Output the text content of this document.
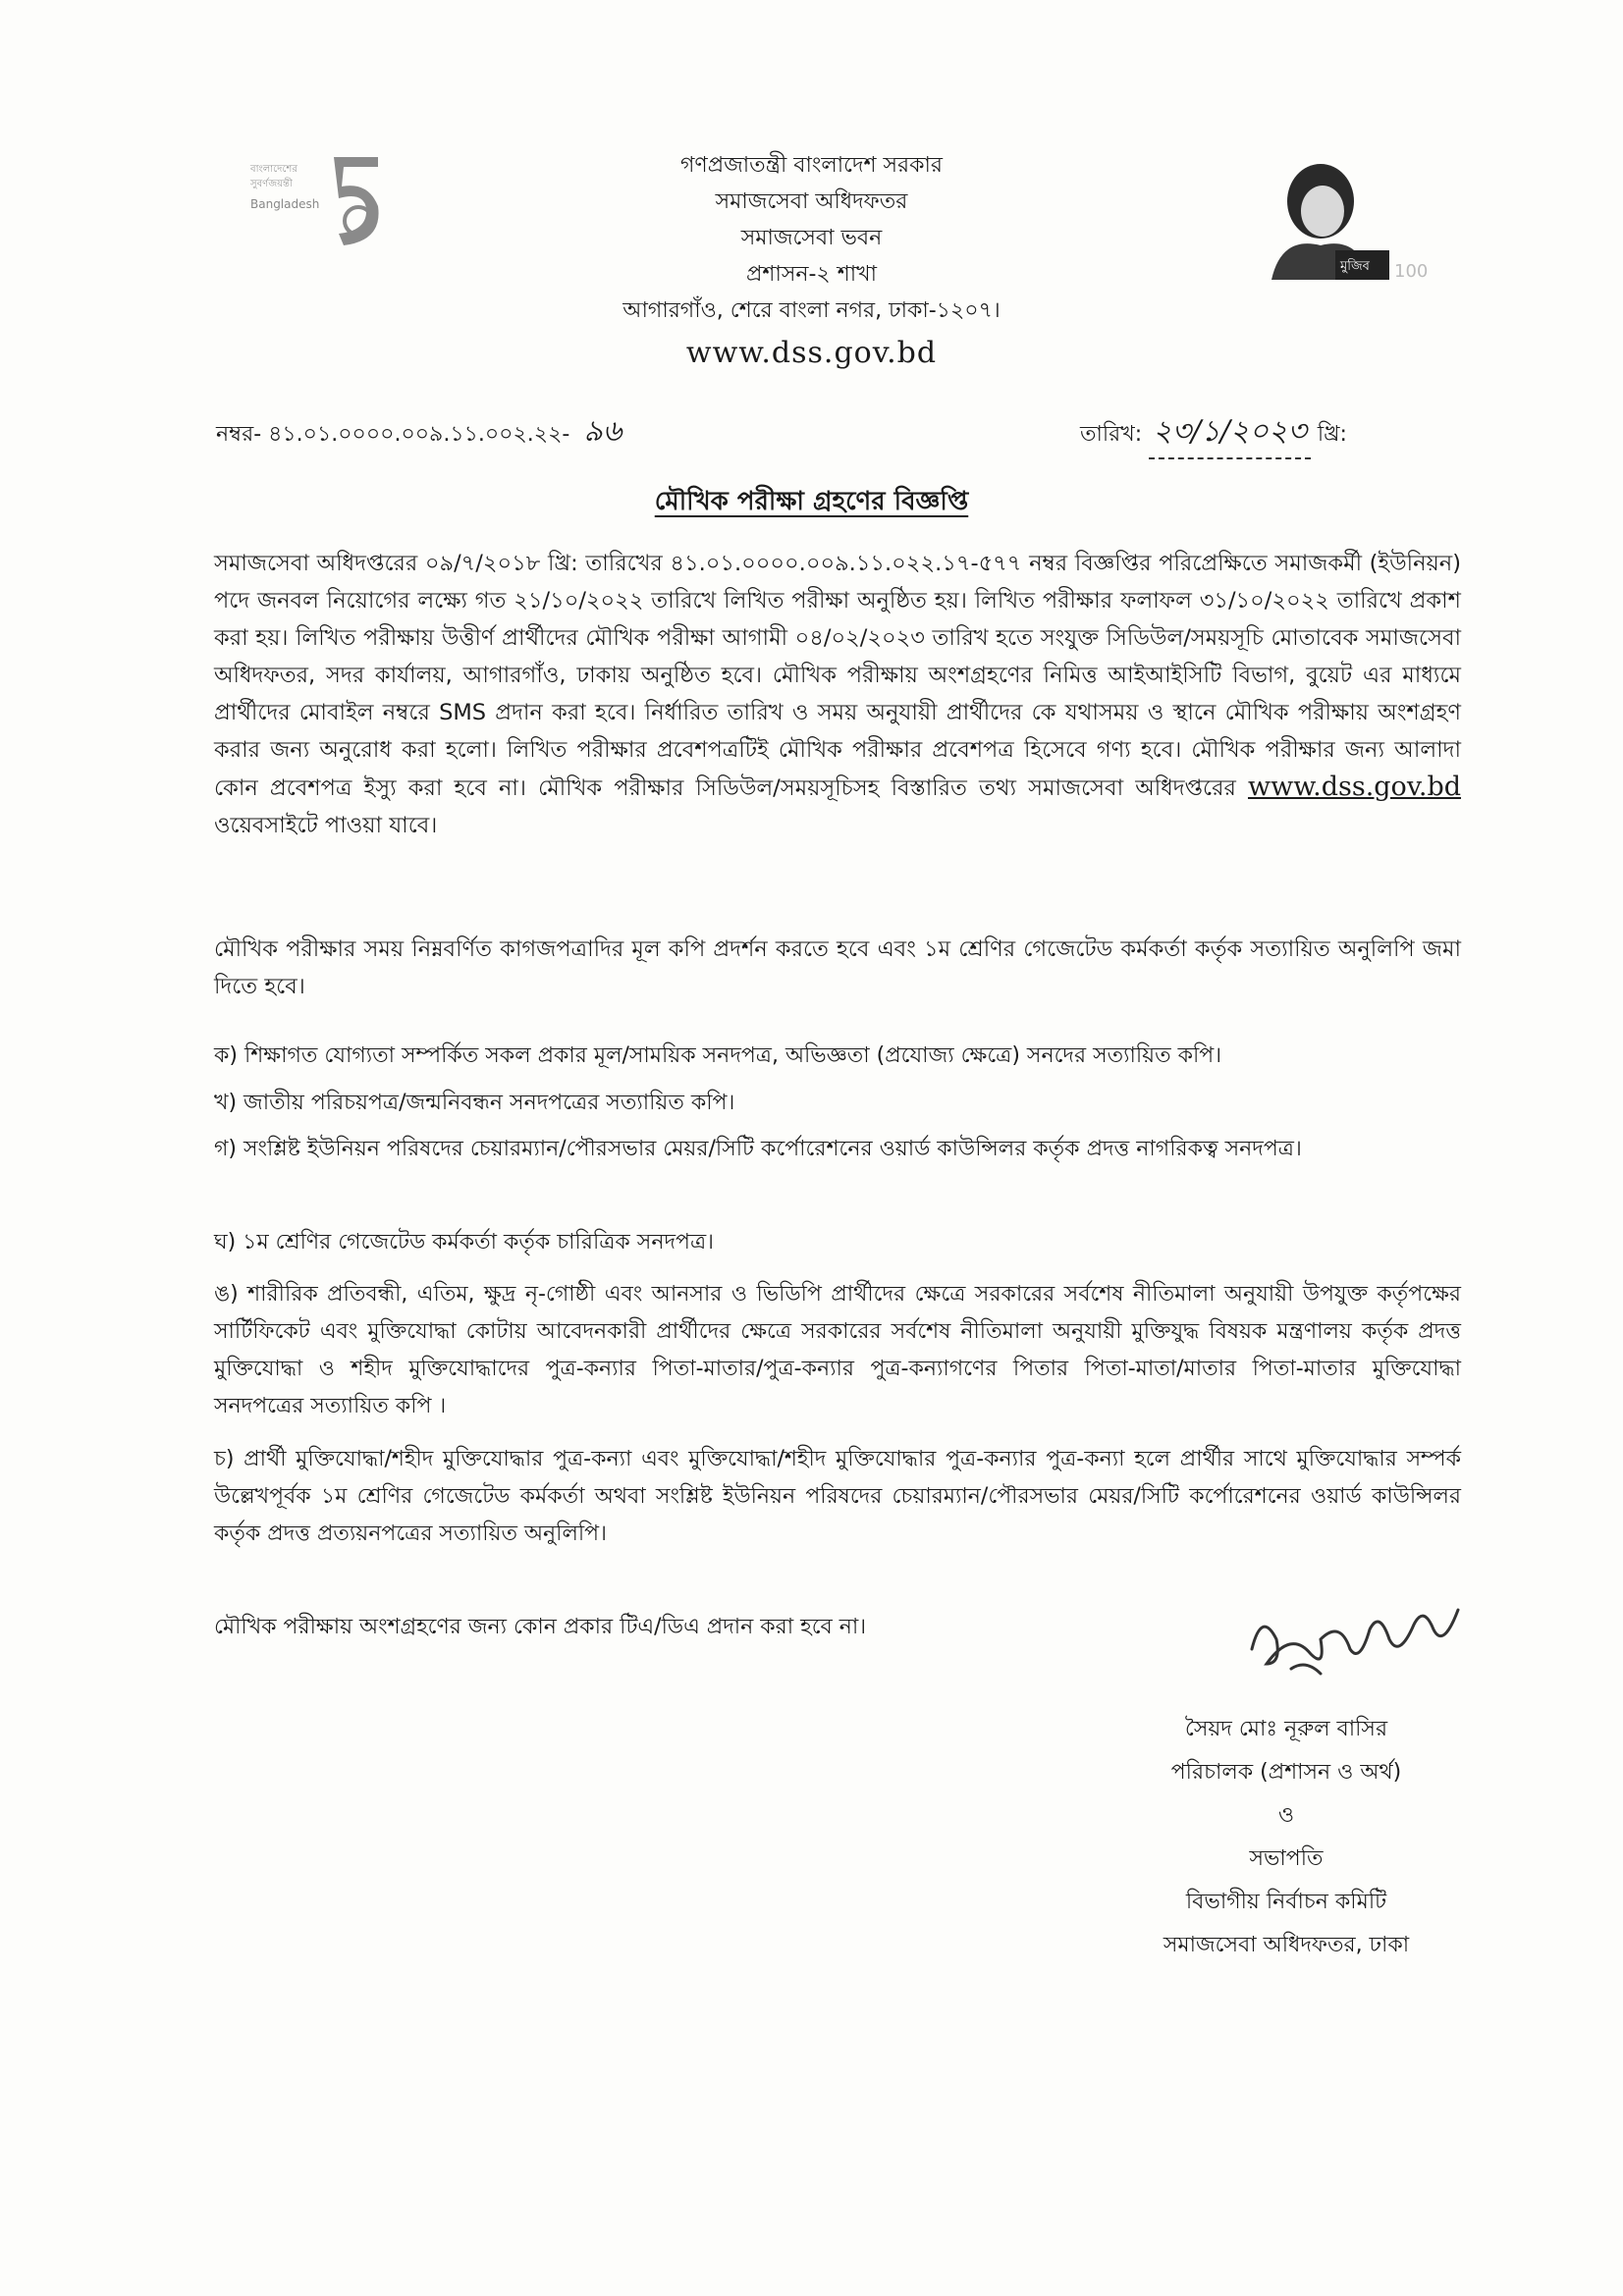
বাংলাদেশের
সুবর্ণজয়ন্তী
Bangladesh
গণপ্রজাতন্ত্রী বাংলাদেশ সরকার
সমাজসেবা অধিদফতর
সমাজসেবা ভবন
প্রশাসন-২ শাখা
আগারগাঁও, শেরে বাংলা নগর, ঢাকা-১২০৭।
www.dss.gov.bd
মুজিব 100
নম্বর- ৪১.০১.০০০০.০০৯.১১.০০২.২২- ৯৬	তারিখ: ২৩/১/২০২৩ খ্রি:
মৌখিক পরীক্ষা গ্রহণের বিজ্ঞপ্তি
সমাজসেবা অধিদপ্তরের ০৯/৭/২০১৮ খ্রি: তারিখের ৪১.০১.০০০০.০০৯.১১.০২২.১৭-৫৭৭ নম্বর বিজ্ঞপ্তির পরিপ্রেক্ষিতে সমাজকর্মী (ইউনিয়ন) পদে জনবল নিয়োগের লক্ষ্যে গত ২১/১০/২০২২ তারিখে লিখিত পরীক্ষা অনুষ্ঠিত হয়। লিখিত পরীক্ষার ফলাফল ৩১/১০/২০২২ তারিখে প্রকাশ করা হয়। লিখিত পরীক্ষায় উত্তীর্ণ প্রার্থীদের মৌখিক পরীক্ষা আগামী ০৪/০২/২০২৩ তারিখ হতে সংযুক্ত সিডিউল/সময়সূচি মোতাবেক সমাজসেবা অধিদফতর, সদর কার্যালয়, আগারগাঁও, ঢাকায় অনুষ্ঠিত হবে। মৌখিক পরীক্ষায় অংশগ্রহণের নিমিত্ত আইআইসিটি বিভাগ, বুয়েট এর মাধ্যমে প্রার্থীদের মোবাইল নম্বরে SMS প্রদান করা হবে। নির্ধারিত তারিখ ও সময় অনুযায়ী প্রার্থীদের কে যথাসময় ও স্থানে মৌখিক পরীক্ষায় অংশগ্রহণ করার জন্য অনুরোধ করা হলো। লিখিত পরীক্ষার প্রবেশপত্রটিই মৌখিক পরীক্ষার প্রবেশপত্র হিসেবে গণ্য হবে। মৌখিক পরীক্ষার জন্য আলাদা কোন প্রবেশপত্র ইস্যু করা হবে না। মৌখিক পরীক্ষার সিডিউল/সময়সূচিসহ বিস্তারিত তথ্য সমাজসেবা অধিদপ্তরের www.dss.gov.bd ওয়েবসাইটে পাওয়া যাবে।
মৌখিক পরীক্ষার সময় নিম্নবর্ণিত কাগজপত্রাদির মূল কপি প্রদর্শন করতে হবে এবং ১ম শ্রেণির গেজেটেড কর্মকর্তা কর্তৃক সত্যায়িত অনুলিপি জমা দিতে হবে।
ক) শিক্ষাগত যোগ্যতা সম্পর্কিত সকল প্রকার মূল/সাময়িক সনদপত্র, অভিজ্ঞতা (প্রযোজ্য ক্ষেত্রে) সনদের সত্যায়িত কপি।
খ) জাতীয় পরিচয়পত্র/জন্মনিবন্ধন সনদপত্রের সত্যায়িত কপি।
গ) সংশ্লিষ্ট ইউনিয়ন পরিষদের চেয়ারম্যান/পৌরসভার মেয়র/সিটি কর্পোরেশনের ওয়ার্ড কাউন্সিলর কর্তৃক প্রদত্ত নাগরিকত্ব সনদপত্র।
ঘ) ১ম শ্রেণির গেজেটেড কর্মকর্তা কর্তৃক চারিত্রিক সনদপত্র।
ঙ) শারীরিক প্রতিবন্ধী, এতিম, ক্ষুদ্র নৃ-গোষ্ঠী এবং আনসার ও ভিডিপি প্রার্থীদের ক্ষেত্রে সরকারের সর্বশেষ নীতিমালা অনুযায়ী উপযুক্ত কর্তৃপক্ষের সার্টিফিকেট এবং মুক্তিযোদ্ধা কোটায় আবেদনকারী প্রার্থীদের ক্ষেত্রে সরকারের সর্বশেষ নীতিমালা অনুযায়ী মুক্তিযুদ্ধ বিষয়ক মন্ত্রণালয় কর্তৃক প্রদত্ত মুক্তিযোদ্ধা ও শহীদ মুক্তিযোদ্ধাদের পুত্র-কন্যার পিতা-মাতার/পুত্র-কন্যার পুত্র-কন্যাগণের পিতার পিতা-মাতা/মাতার পিতা-মাতার মুক্তিযোদ্ধা সনদপত্রের সত্যায়িত কপি ।
চ) প্রার্থী মুক্তিযোদ্ধা/শহীদ মুক্তিযোদ্ধার পুত্র-কন্যা এবং মুক্তিযোদ্ধা/শহীদ মুক্তিযোদ্ধার পুত্র-কন্যার পুত্র-কন্যা হলে প্রার্থীর সাথে মুক্তিযোদ্ধার সম্পর্ক উল্লেখপূর্বক ১ম শ্রেণির গেজেটেড কর্মকর্তা অথবা সংশ্লিষ্ট ইউনিয়ন পরিষদের চেয়ারম্যান/পৌরসভার মেয়র/সিটি কর্পোরেশনের ওয়ার্ড কাউন্সিলর কর্তৃক প্রদত্ত প্রত্যয়নপত্রের সত্যায়িত অনুলিপি।
মৌখিক পরীক্ষায় অংশগ্রহণের জন্য কোন প্রকার টিএ/ডিএ প্রদান করা হবে না।
সৈয়দ মোঃ নূরুল বাসির
পরিচালক (প্রশাসন ও অর্থ)
ও
সভাপতি
বিভাগীয় নির্বাচন কমিটি
সমাজসেবা অধিদফতর, ঢাকা
